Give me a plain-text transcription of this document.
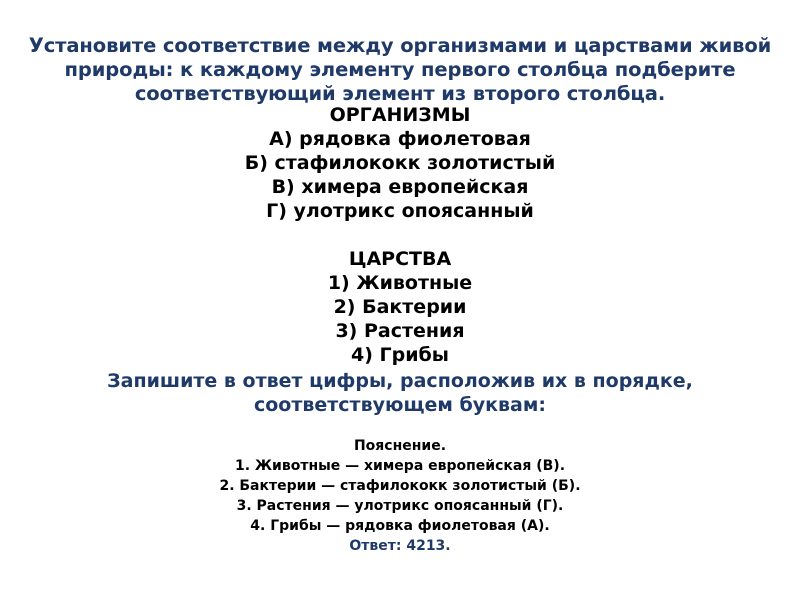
Установите соответствие между организмами и царствами живой
природы: к каждому элементу первого столбца подберите
соответствующий элемент из второго столбца.
ОРГАНИЗМЫ
А) рядовка фиолетовая
Б) стафилококк золотистый
В) химера европейская
Г) улотрикс опоясанный
ЦАРСТВА
1) Животные
2) Бактерии
3) Растения
4) Грибы
Запишите в ответ цифры, расположив их в порядке,
соответствующем буквам:
Пояснение.
1. Животные — химера европейская (В).
2. Бактерии — стафилококк золотистый (Б).
3. Растения — улотрикс опоясанный (Г).
4. Грибы — рядовка фиолетовая (А).
Ответ: 4213.
